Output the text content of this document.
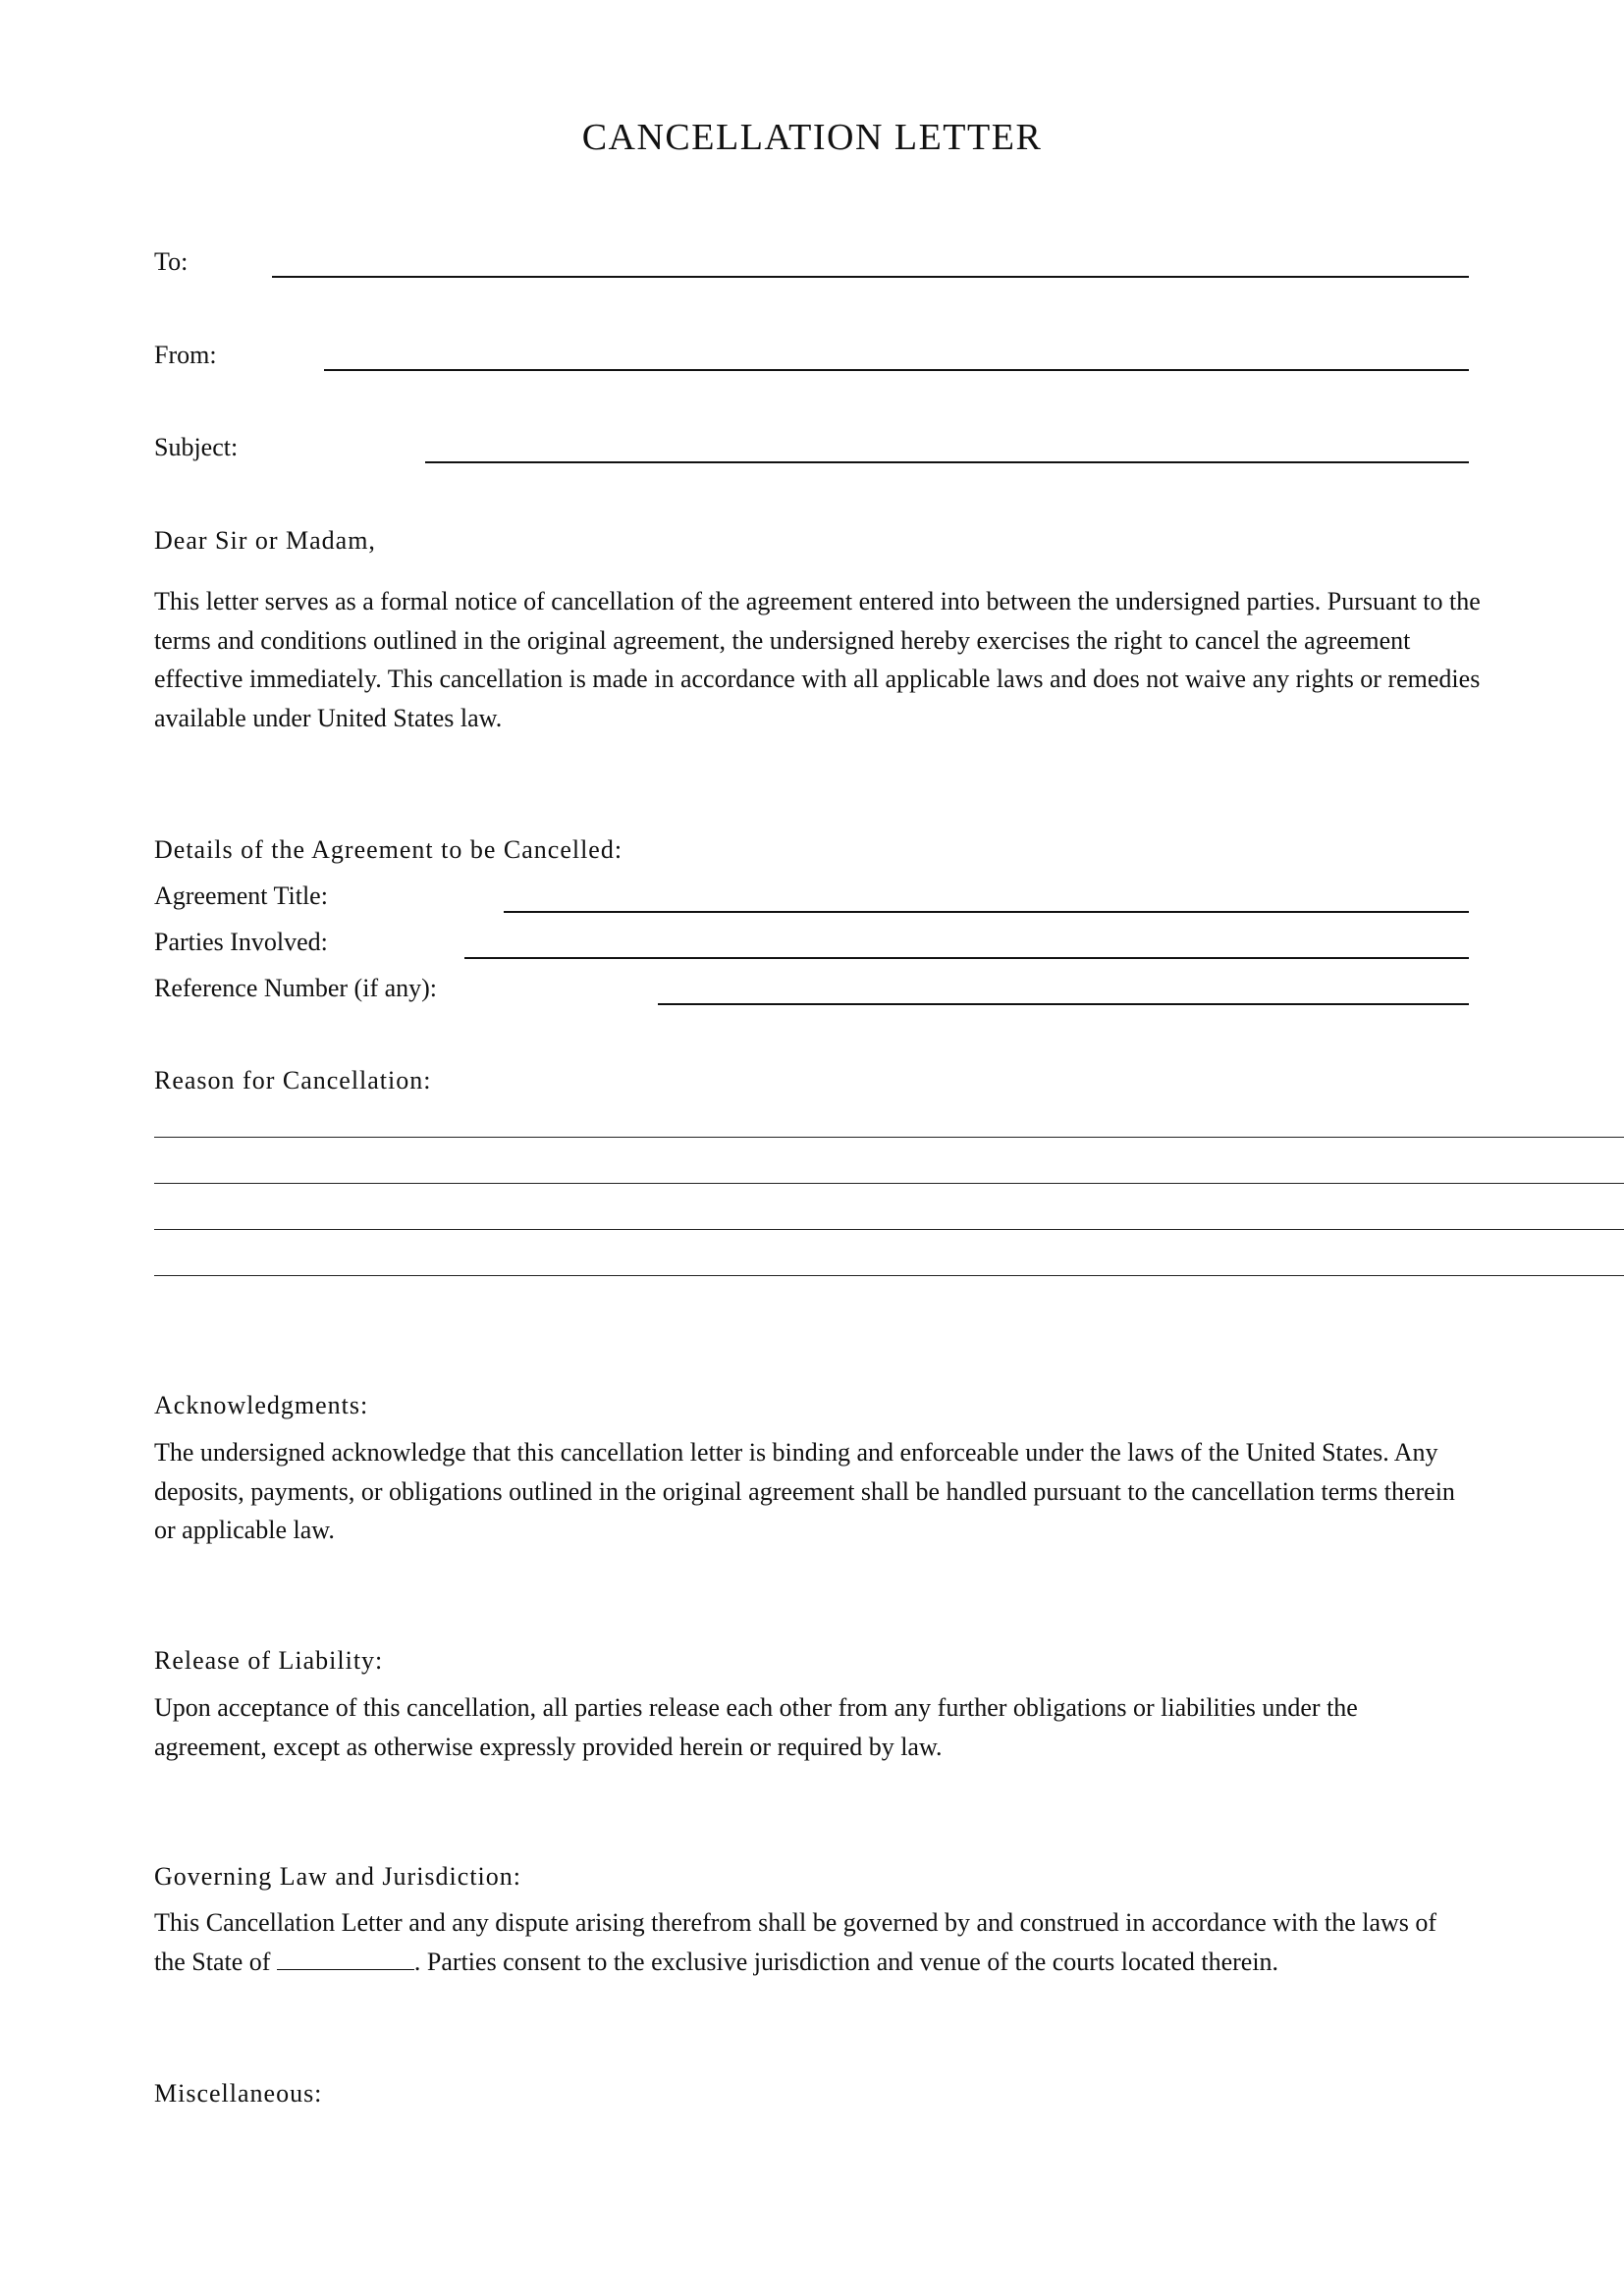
CANCELLATION LETTER
To:
From:
Subject:
Dear Sir or Madam,
This letter serves as a formal notice of cancellation of the agreement entered into between the undersigned parties. Pursuant to the terms and conditions outlined in the original agreement, the undersigned hereby exercises the right to cancel the agreement effective immediately. This cancellation is made in accordance with all applicable laws and does not waive any rights or remedies available under United States law.
Details of the Agreement to be Cancelled:
Agreement Title:
Parties Involved:
Reference Number (if any):
Reason for Cancellation:
Acknowledgments:
The undersigned acknowledge that this cancellation letter is binding and enforceable under the laws of the United States. Any deposits, payments, or obligations outlined in the original agreement shall be handled pursuant to the cancellation terms therein or applicable law.
Release of Liability:
Upon acceptance of this cancellation, all parties release each other from any further obligations or liabilities under the agreement, except as otherwise expressly provided herein or required by law.
Governing Law and Jurisdiction:
This Cancellation Letter and any dispute arising therefrom shall be governed by and construed in accordance with the laws of the State of	. Parties consent to the exclusive jurisdiction and venue of the courts located therein.
Miscellaneous:
